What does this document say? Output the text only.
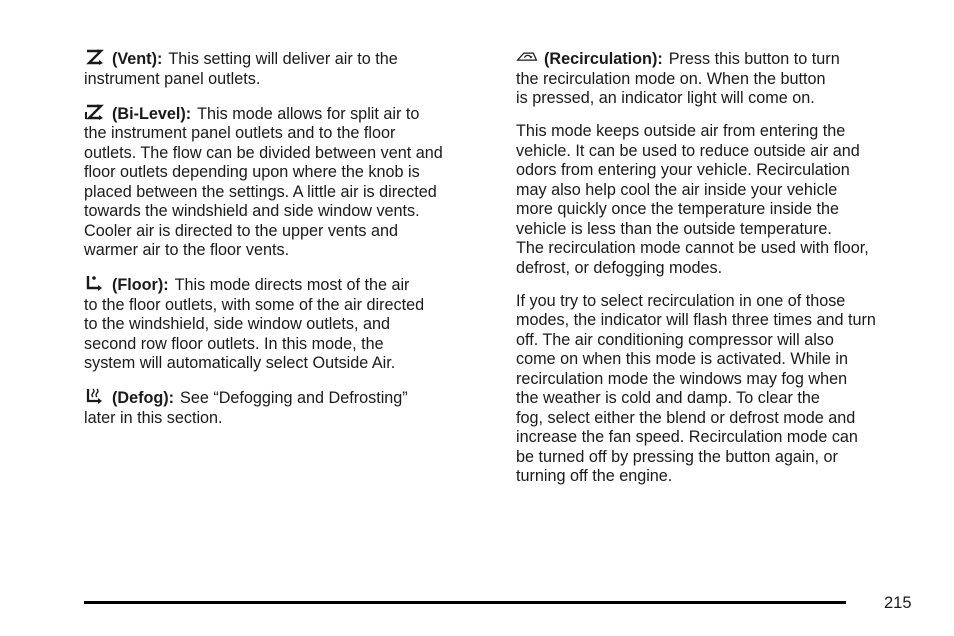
(Vent): This setting will deliver air to the
instrument panel outlets.

(Bi-Level): This mode allows for split air to
the instrument panel outlets and to the floor
outlets. The flow can be divided between vent and
floor outlets depending upon where the knob is
placed between the settings. A little air is directed
towards the windshield and side window vents.
Cooler air is directed to the upper vents and
warmer air to the floor vents.

(Floor): This mode directs most of the air
to the floor outlets, with some of the air directed
to the windshield, side window outlets, and
second row floor outlets. In this mode, the
system will automatically select Outside Air.

(Defog): See “Defogging and Defrosting”
later in this section.

(Recirculation): Press this button to turn
the recirculation mode on. When the button
is pressed, an indicator light will come on.

This mode keeps outside air from entering the
vehicle. It can be used to reduce outside air and
odors from entering your vehicle. Recirculation
may also help cool the air inside your vehicle
more quickly once the temperature inside the
vehicle is less than the outside temperature.
The recirculation mode cannot be used with floor,
defrost, or defogging modes.

If you try to select recirculation in one of those
modes, the indicator will flash three times and turn
off. The air conditioning compressor will also
come on when this mode is activated. While in
recirculation mode the windows may fog when
the weather is cold and damp. To clear the
fog, select either the blend or defrost mode and
increase the fan speed. Recirculation mode can
be turned off by pressing the button again, or
turning off the engine.

215
